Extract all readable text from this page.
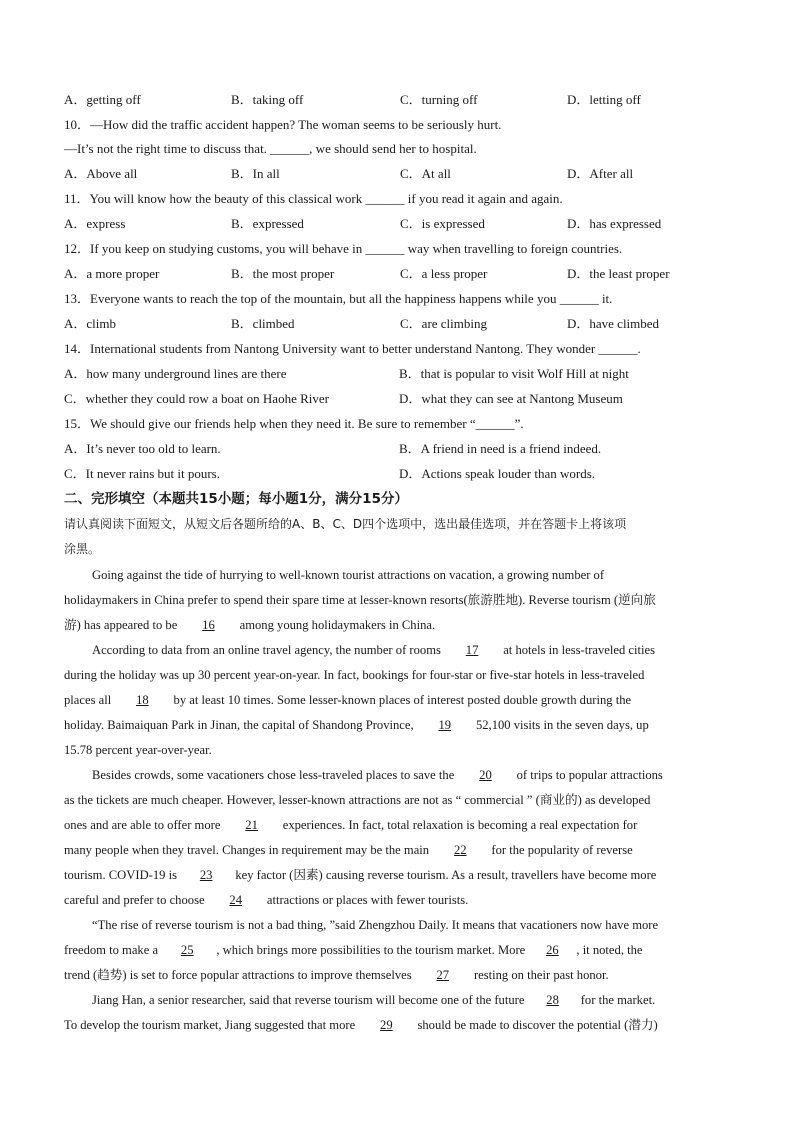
A．getting off	B．taking off	C．turning off	D．letting off
10．—How did the traffic accident happen? The woman seems to be seriously hurt.
—It’s not the right time to discuss that. ______, we should send her to hospital.
A．Above all	B．In all	C．At all	D．After all
11．You will know how the beauty of this classical work ______ if you read it again and again.
A．express	B．expressed	C．is expressed	D．has expressed
12．If you keep on studying customs, you will behave in ______ way when travelling to foreign countries.
A．a more proper	B．the most proper	C．a less proper	D．the least proper
13．Everyone wants to reach the top of the mountain, but all the happiness happens while you ______ it.
A．climb	B．climbed	C．are climbing	D．have climbed
14．International students from Nantong University want to better understand Nantong. They wonder ______.
A．how many underground lines are there	B．that is popular to visit Wolf Hill at night
C．whether they could row a boat on Haohe River	D．what they can see at Nantong Museum
15．We should give our friends help when they need it. Be sure to remember “______”.
A．It’s never too old to learn.	B．A friend in need is a friend indeed.
C．It never rains but it pours.	D．Actions speak louder than words.
二、完形填空（本题共15小题；每小题1分，满分15分）
请认真阅读下面短文，从短文后各题所给的A、B、C、D四个选项中，选出最佳选项，并在答题卡上将该项
涂黑。
Going against the tide of hurrying to well-known tourist attractions on vacation, a growing number of
holidaymakers in China prefer to spend their spare time at lesser-known resorts(旅游胜地). Reverse tourism (逆向旅
游) has appeared to be 16 among young holidaymakers in China.
According to data from an online travel agency, the number of rooms 17 at hotels in less-traveled cities
during the holiday was up 30 percent year-on-year. In fact, bookings for four-star or five-star hotels in less-traveled
places all 18 by at least 10 times. Some lesser-known places of interest posted double growth during the
holiday. Baimaiquan Park in Jinan, the capital of Shandong Province, 19 52,100 visits in the seven days, up
15.78 percent year-over-year.
Besides crowds, some vacationers chose less-traveled places to save the 20 of trips to popular attractions
as the tickets are much cheaper. However, lesser-known attractions are not as “ commercial ” (商业的) as developed
ones and are able to offer more 21 experiences. In fact, total relaxation is becoming a real expectation for
many people when they travel. Changes in requirement may be the main 22 for the popularity of reverse
tourism. COVID-19 is 23 key factor (因素) causing reverse tourism. As a result, travellers have become more
careful and prefer to choose 24 attractions or places with fewer tourists.
“The rise of reverse tourism is not a bad thing, ”said Zhengzhou Daily. It means that vacationers now have more
freedom to make a 25 , which brings more possibilities to the tourism market. More 26 , it noted, the
trend (趋势) is set to force popular attractions to improve themselves 27 resting on their past honor.
Jiang Han, a senior researcher, said that reverse tourism will become one of the future 28 for the market.
To develop the tourism market, Jiang suggested that more 29 should be made to discover the potential (潜力)
